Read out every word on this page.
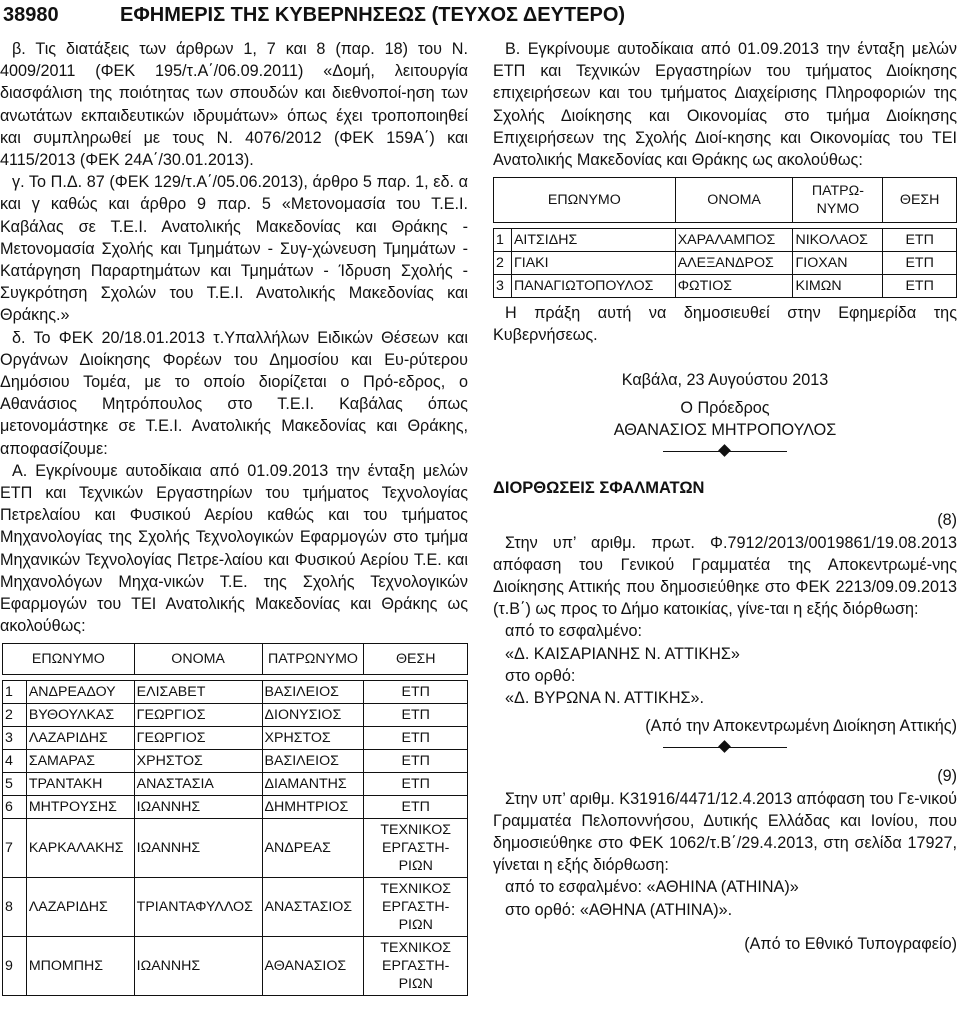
38980	ΕΦΗΜΕΡΙΣ ΤΗΣ ΚΥΒΕΡΝΗΣΕΩΣ (ΤΕΥΧΟΣ ΔΕΥΤΕΡΟ)

β. Τις διατάξεις των άρθρων 1, 7 και 8 (παρ. 18) του Ν. 4009/2011 (ΦΕΚ 195/τ.Α΄/06.09.2011) «Δομή, λειτουργία διασφάλιση της ποιότητας των σπουδών και διεθνοποί-ηση των ανωτάτων εκπαιδευτικών ιδρυμάτων» όπως έχει τροποποιηθεί και συμπληρωθεί με τους Ν. 4076/2012 (ΦΕΚ 159Α΄) και 4115/2013 (ΦΕΚ 24Α΄/30.01.2013).

γ. Το Π.Δ. 87 (ΦΕΚ 129/τ.Α΄/05.06.2013), άρθρο 5 παρ. 1, εδ. α και γ καθώς και άρθρο 9 παρ. 5 «Μετονομασία του Τ.Ε.Ι. Καβάλας σε Τ.Ε.Ι. Ανατολικής Μακεδονίας και Θράκης - Μετονομασία Σχολής και Τμημάτων - Συγ-χώνευση Τμημάτων - Κατάργηση Παραρτημάτων και Τμημάτων - Ίδρυση Σχολής - Συγκρότηση Σχολών του Τ.Ε.Ι. Ανατολικής Μακεδονίας και Θράκης.»

δ. Το ΦΕΚ 20/18.01.2013 τ.Υπαλλήλων Ειδικών Θέσεων και Οργάνων Διοίκησης Φορέων του Δημοσίου και Ευ-ρύτερου Δημόσιου Τομέα, με το οποίο διορίζεται ο Πρό-εδρος, ο Αθανάσιος Μητρόπουλος στο Τ.Ε.Ι. Καβάλας όπως μετονομάστηκε σε Τ.Ε.Ι. Ανατολικής Μακεδονίας και Θράκης, αποφασίζουμε:

Α. Εγκρίνουμε αυτοδίκαια από 01.09.2013 την ένταξη μελών ΕΤΠ και Τεχνικών Εργαστηρίων του τμήματος Τεχνολογίας Πετρελαίου και Φυσικού Αερίου καθώς και του τμήματος Μηχανολογίας της Σχολής Τεχνολογικών Εφαρμογών στο τμήμα Μηχανικών Τεχνολογίας Πετρε-λαίου και Φυσικού Αερίου Τ.Ε. και Μηχανολόγων Μηχα-νικών Τ.Ε. της Σχολής Τεχνολογικών Εφαρμογών του ΤΕΙ Ανατολικής Μακεδονίας και Θράκης ως ακολούθως:

ΕΠΩΝΥΜΟ		ΟΝΟΜΑ	ΠΑΤΡΩΝΥΜΟ	ΘΕΣΗ

1	ΑΝΔΡΕΑΔΟΥ	ΕΛΙΣΑΒΕΤ	ΒΑΣΙΛΕΙΟΣ	ΕΤΠ
2	ΒΥΘΟΥΛΚΑΣ	ΓΕΩΡΓΙΟΣ	ΔΙΟΝΥΣΙΟΣ	ΕΤΠ
3	ΛΑΖΑΡΙΔΗΣ	ΓΕΩΡΓΙΟΣ	ΧΡΗΣΤΟΣ	ΕΤΠ
4	ΣΑΜΑΡΑΣ	ΧΡΗΣΤΟΣ	ΒΑΣΙΛΕΙΟΣ	ΕΤΠ
5	ΤΡΑΝΤΑΚΗ	ΑΝΑΣΤΑΣΙΑ	ΔΙΑΜΑΝΤΗΣ	ΕΤΠ
6	ΜΗΤΡΟΥΣΗΣ	ΙΩΑΝΝΗΣ	ΔΗΜΗΤΡΙΟΣ	ΕΤΠ
7	ΚΑΡΚΑΛΑΚΗΣ	ΙΩΑΝΝΗΣ	ΑΝΔΡΕΑΣ	ΤΕΧΝΙΚΟΣ ΕΡΓΑΣΤΗ-ΡΙΩΝ
8	ΛΑΖΑΡΙΔΗΣ	ΤΡΙΑΝΤΑΦΥΛΛΟΣ	ΑΝΑΣΤΑΣΙΟΣ	ΤΕΧΝΙΚΟΣ ΕΡΓΑΣΤΗ-ΡΙΩΝ
9	ΜΠΟΜΠΗΣ	ΙΩΑΝΝΗΣ	ΑΘΑΝΑΣΙΟΣ	ΤΕΧΝΙΚΟΣ ΕΡΓΑΣΤΗ-ΡΙΩΝ

Β. Εγκρίνουμε αυτοδίκαια από 01.09.2013 την ένταξη μελών ΕΤΠ και Τεχνικών Εργαστηρίων του τμήματος Διοίκησης επιχειρήσεων και του τμήματος Διαχείρισης Πληροφοριών της Σχολής Διοίκησης και Οικονομίας στο τμήμα Διοίκησης Επιχειρήσεων της Σχολής Διοί-κησης και Οικονομίας του ΤΕΙ Ανατολικής Μακεδονίας και Θράκης ως ακολούθως:

ΕΠΩΝΥΜΟ		ΟΝΟΜΑ	ΠΑΤΡΩ-ΝΥΜΟ	ΘΕΣΗ

1	ΑΙΤΣΙΔΗΣ	ΧΑΡΑΛΑΜΠΟΣ	ΝΙΚΟΛΑΟΣ	ΕΤΠ
2	ΓΙΑΚΙ	ΑΛΕΞΑΝΔΡΟΣ	ΓΙΟΧΑΝ	ΕΤΠ
3	ΠΑΝΑΓΙΩΤΟΠΟΥΛΟΣ	ΦΩΤΙΟΣ	ΚΙΜΩΝ	ΕΤΠ

Η πράξη αυτή να δημοσιευθεί στην Εφημερίδα της Κυβερνήσεως.

Καβάλα, 23 Αυγούστου 2013

Ο Πρόεδρος

ΑΘΑΝΑΣΙΟΣ ΜΗΤΡΟΠΟΥΛΟΣ

ΔΙΟΡΘΩΣΕΙΣ ΣΦΑΛΜΑΤΩΝ

(8)

Στην υπ’ αριθμ. πρωτ. Φ.7912/2013/0019861/19.08.2013 απόφαση του Γενικού Γραμματέα της Αποκεντρωμέ-νης Διοίκησης Αττικής που δημοσιεύθηκε στο ΦΕΚ 2213/09.09.2013 (τ.Β΄) ως προς το Δήμο κατοικίας, γίνε-ται η εξής διόρθωση:

από το εσφαλμένο:

«Δ. ΚΑΙΣΑΡΙΑΝΗΣ Ν. ΑΤΤΙΚΗΣ»

στο ορθό:

«Δ. ΒΥΡΩΝΑ Ν. ΑΤΤΙΚΗΣ».

(Από την Αποκεντρωμένη Διοίκηση Αττικής)

(9)

Στην υπ’ αριθμ. Κ31916/4471/12.4.2013 απόφαση του Γε-νικού Γραμματέα Πελοποννήσου, Δυτικής Ελλάδας και Ιονίου, που δημοσιεύθηκε στο ΦΕΚ 1062/τ.Β΄/29.4.2013, στη σελίδα 17927, γίνεται η εξής διόρθωση:

από το εσφαλμένο: «ΑΘΗΙΝΑ (ATHINA)»

στο ορθό: «ΑΘΗΝΑ (ATHINA)».

(Από το Εθνικό Τυπογραφείο)
